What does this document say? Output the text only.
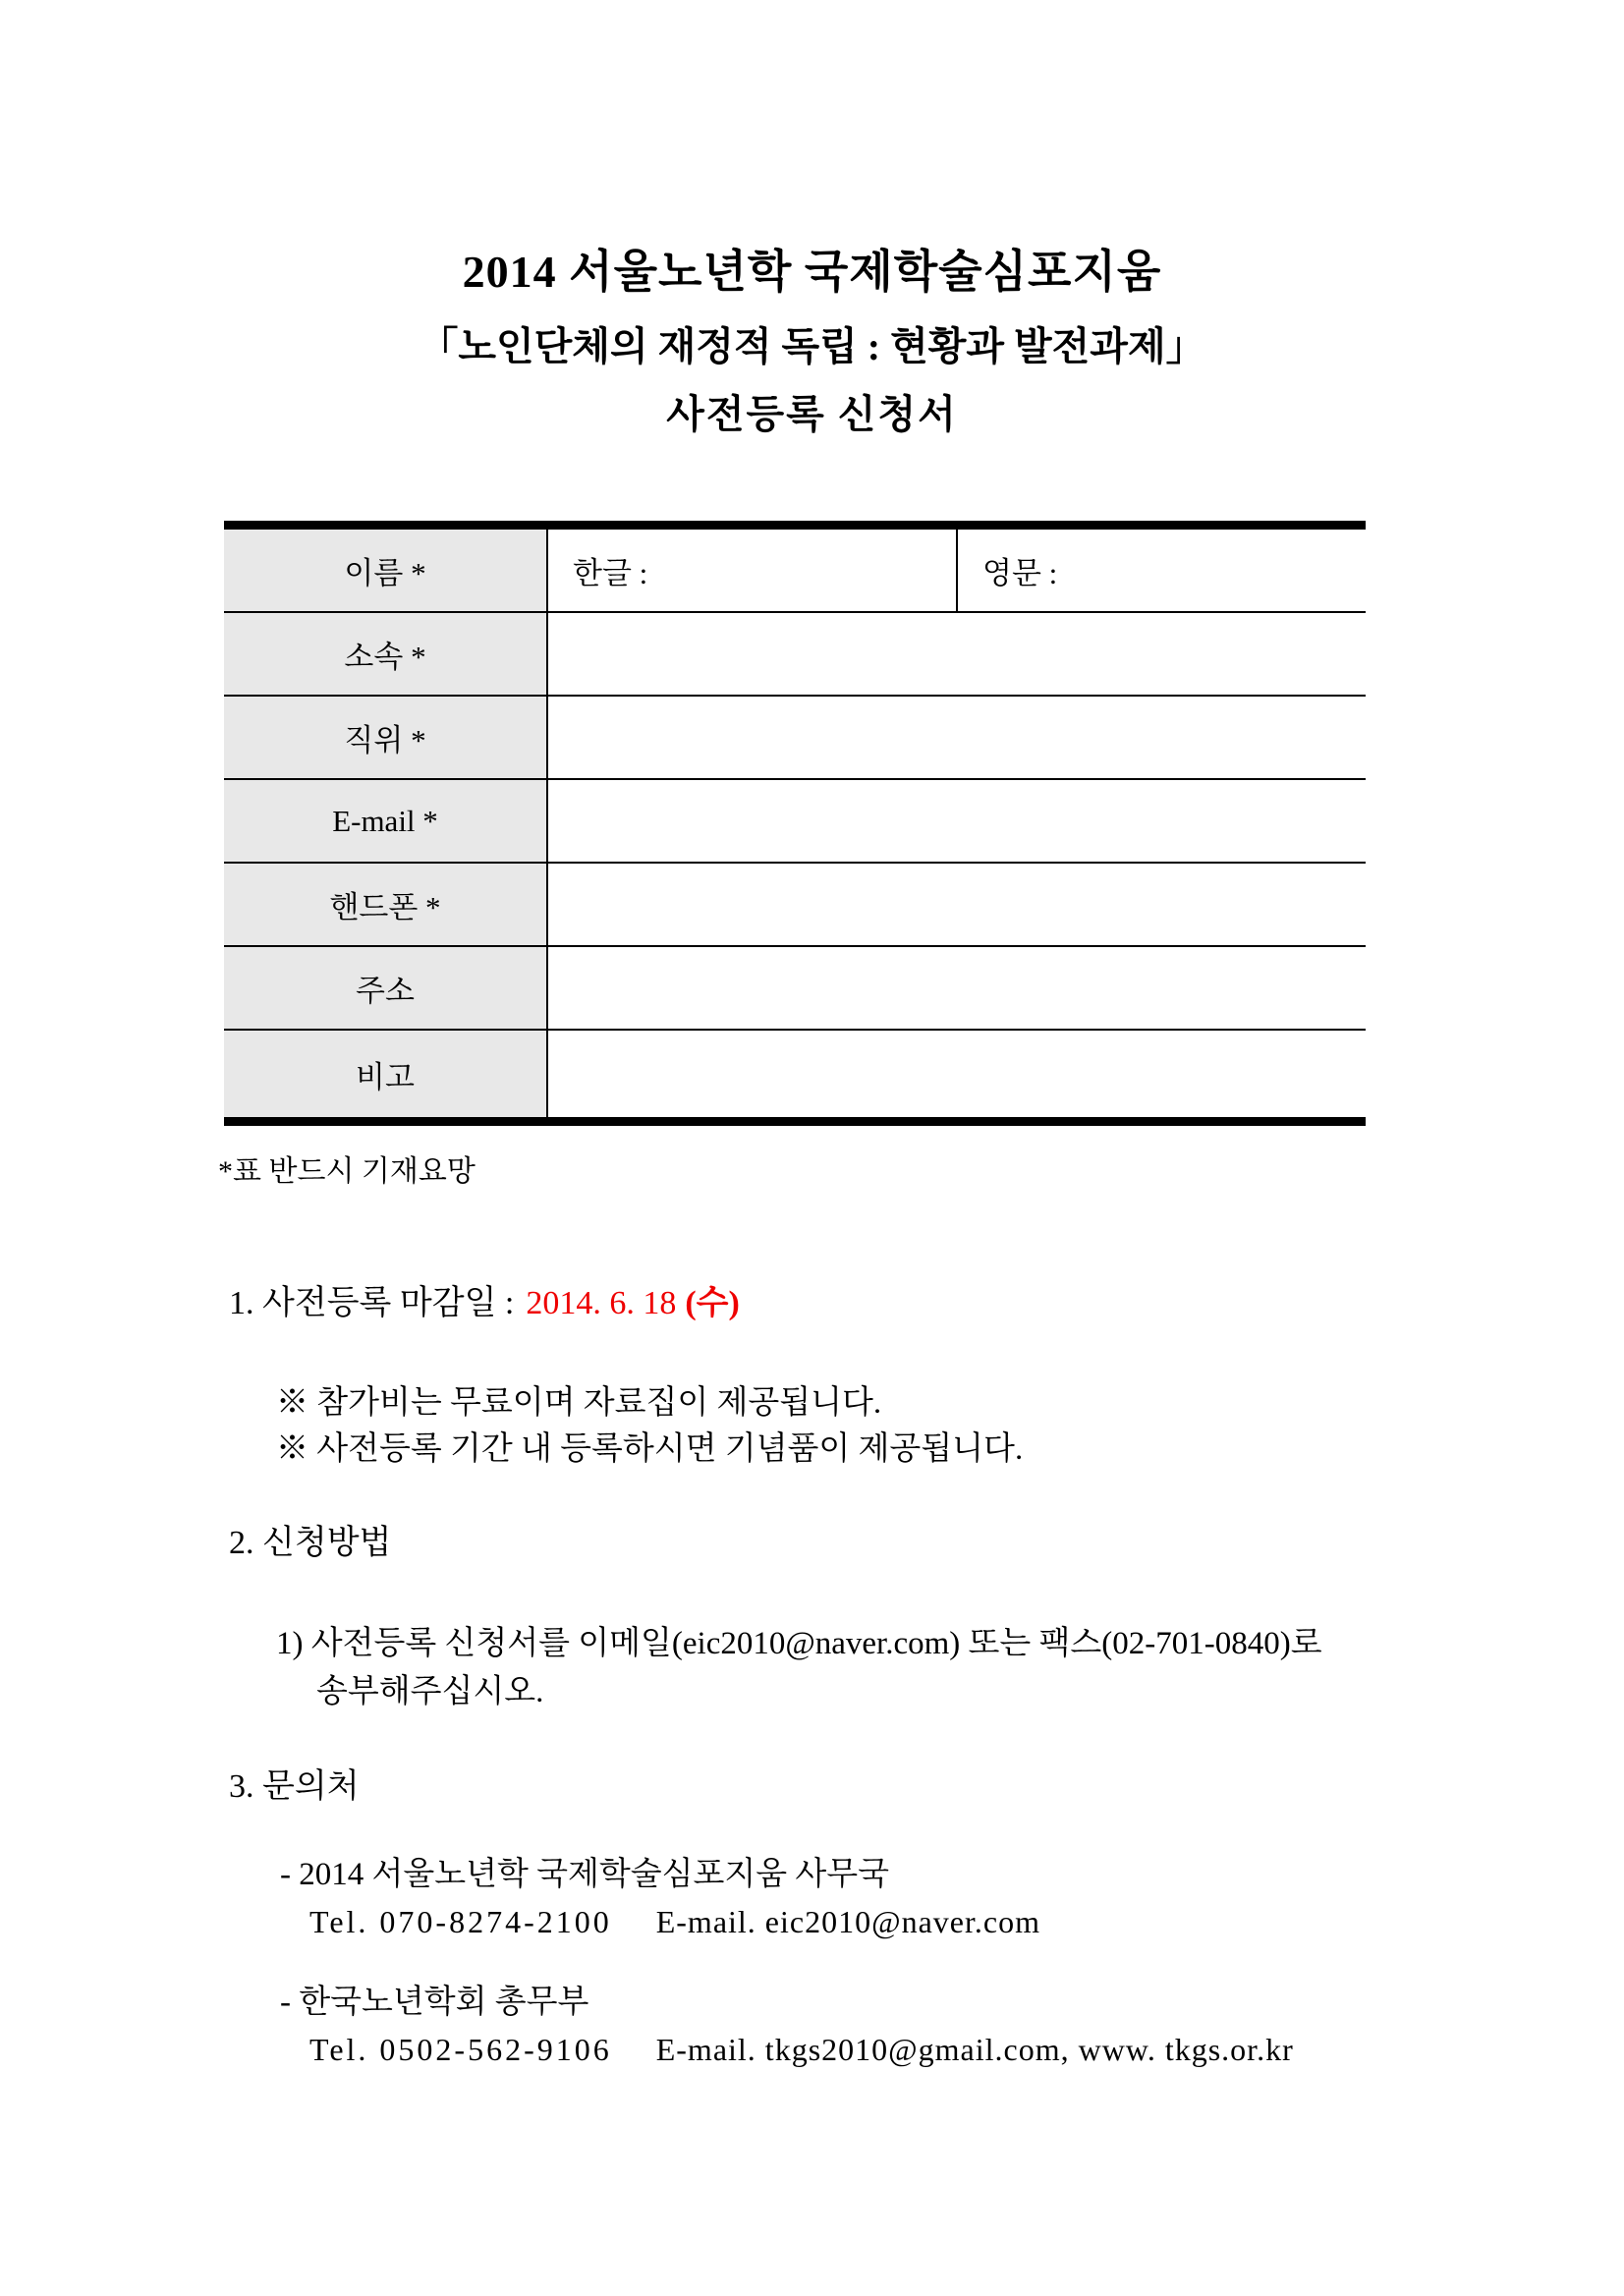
2014 서울노년학 국제학술심포지움
「노인단체의 재정적 독립 : 현황과 발전과제」
사전등록 신청서
이름 *	한글 :	영문 :
소속 *
직위 *
E-mail *
핸드폰 *
주소
비고
*표 반드시 기재요망
1. 사전등록 마감일 : 2014. 6. 18 (수)
※ 참가비는 무료이며 자료집이 제공됩니다.
※ 사전등록 기간 내 등록하시면 기념품이 제공됩니다.
2. 신청방법
1) 사전등록 신청서를 이메일(eic2010@naver.com) 또는 팩스(02-701-0840)로
송부해주십시오.
3. 문의처
- 2014 서울노년학 국제학술심포지움 사무국
Tel. 070-8274-2100 E-mail. eic2010@naver.com
- 한국노년학회 총무부
Tel. 0502-562-9106 E-mail. tkgs2010@gmail.com, www. tkgs.or.kr
